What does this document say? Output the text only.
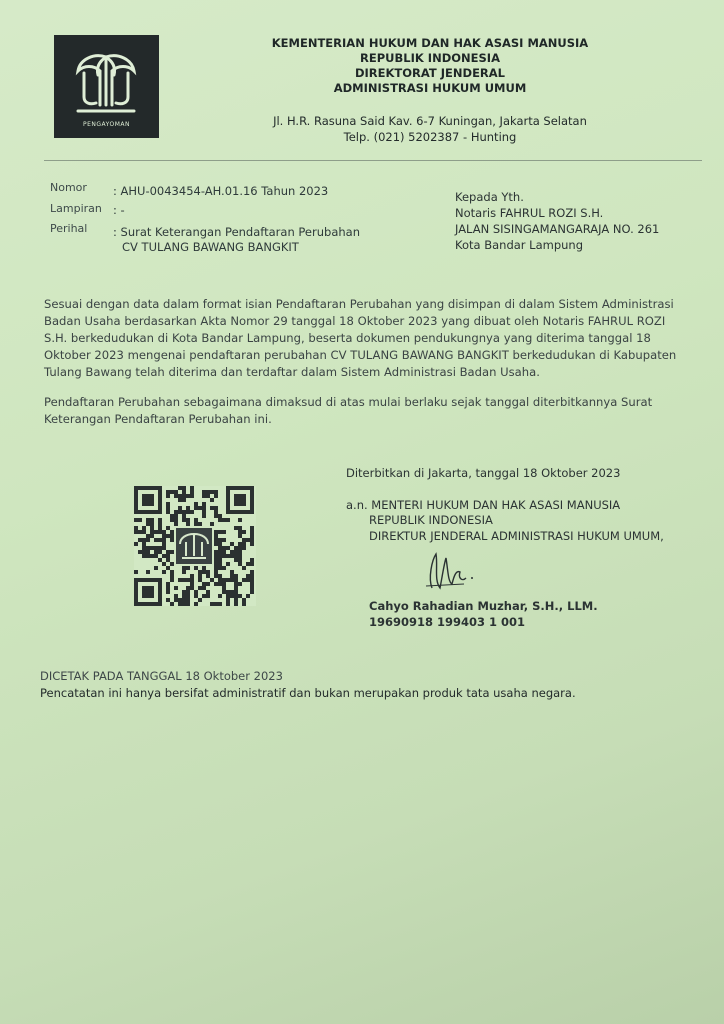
PENGAYOMAN
KEMENTERIAN HUKUM DAN HAK ASASI MANUSIA
REPUBLIK INDONESIA
DIREKTORAT JENDERAL
ADMINISTRASI HUKUM UMUM
Jl. H.R. Rasuna Said Kav. 6-7 Kuningan, Jakarta Selatan
Telp. (021) 5202387 - Hunting
Nomor : AHU-0043454-AH.01.16 Tahun 2023
Lampiran : -
Perihal : Surat Keterangan Pendaftaran Perubahan
CV TULANG BAWANG BANGKIT
Kepada Yth.
Notaris FAHRUL ROZI S.H.
JALAN SISINGAMANGARAJA NO. 261
Kota Bandar Lampung
Sesuai dengan data dalam format isian Pendaftaran Perubahan yang disimpan di dalam Sistem Administrasi
Badan Usaha berdasarkan Akta Nomor 29 tanggal 18 Oktober 2023 yang dibuat oleh Notaris FAHRUL ROZI
S.H. berkedudukan di Kota Bandar Lampung, beserta dokumen pendukungnya yang diterima tanggal 18
Oktober 2023 mengenai pendaftaran perubahan CV TULANG BAWANG BANGKIT berkedudukan di Kabupaten
Tulang Bawang telah diterima dan terdaftar dalam Sistem Administrasi Badan Usaha.
Pendaftaran Perubahan sebagaimana dimaksud di atas mulai berlaku sejak tanggal diterbitkannya Surat
Keterangan Pendaftaran Perubahan ini.
Diterbitkan di Jakarta, tanggal 18 Oktober 2023
a.n. MENTERI HUKUM DAN HAK ASASI MANUSIA
REPUBLIK INDONESIA
DIREKTUR JENDERAL ADMINISTRASI HUKUM UMUM,
Cahyo Rahadian Muzhar, S.H., LLM.
19690918 199403 1 001
DICETAK PADA TANGGAL 18 Oktober 2023
Pencatatan ini hanya bersifat administratif dan bukan merupakan produk tata usaha negara.
